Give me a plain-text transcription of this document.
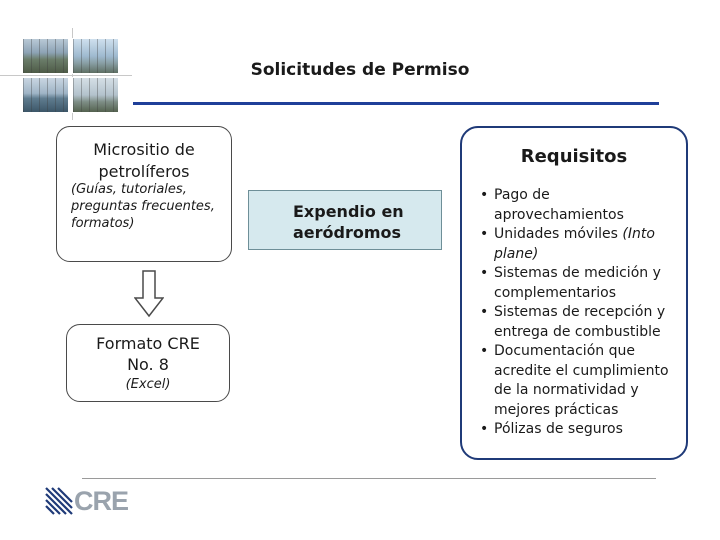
Solicitudes de Permiso
Micrositio de
petrolíferos
(Guías, tutoriales, preguntas frecuentes, formatos)
Formato CRE
No. 8
(Excel)
Expendio en
aeródromos
Requisitos
• Pago de aprovechamientos
• Unidades móviles (Into plane)
• Sistemas de medición y complementarios
• Sistemas de recepción y entrega de combustible
• Documentación que acredite el cumplimiento de la normatividad y mejores prácticas
• Pólizas de seguros
CRE
